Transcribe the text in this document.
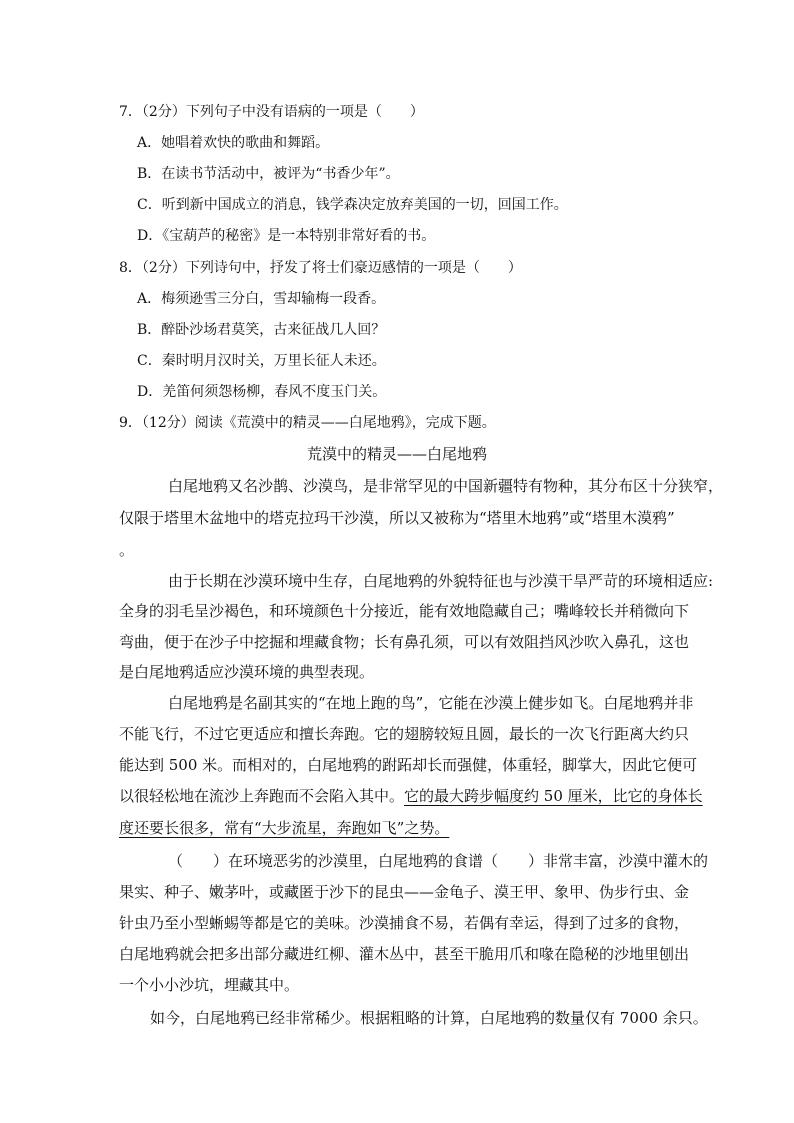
7．（2分）下列句子中没有语病的一项是（　　）
A．她唱着欢快的歌曲和舞蹈。
B．在读书节活动中，被评为“书香少年”。
C．听到新中国成立的消息，钱学森决定放弃美国的一切，回国工作。
D．《宝葫芦的秘密》是一本特别非常好看的书。
8．（2分）下列诗句中，抒发了将士们豪迈感情的一项是（　　）
A．梅须逊雪三分白，雪却输梅一段香。
B．醉卧沙场君莫笑，古来征战几人回？
C．秦时明月汉时关，万里长征人未还。
D．羌笛何须怨杨柳，春风不度玉门关。
9．（12分）阅读《荒漠中的精灵——白尾地鸦》，完成下题。
荒漠中的精灵——白尾地鸦
白尾地鸦又名沙鹊、沙漠鸟，是非常罕见的中国新疆特有物种，其分布区十分狭窄，
仅限于塔里木盆地中的塔克拉玛干沙漠，所以又被称为“塔里木地鸦”或“塔里木漠鸦”
。
由于长期在沙漠环境中生存，白尾地鸦的外貌特征也与沙漠干旱严苛的环境相适应:
全身的羽毛呈沙褐色，和环境颜色十分接近，能有效地隐藏自己；嘴峰较长并稍微向下
弯曲，便于在沙子中挖掘和埋藏食物；长有鼻孔须，可以有效阻挡风沙吹入鼻孔，这也
是白尾地鸦适应沙漠环境的典型表现。
白尾地鸦是名副其实的“在地上跑的鸟”，它能在沙漠上健步如飞。白尾地鸦并非
不能飞行，不过它更适应和擅长奔跑。它的翅膀较短且圆，最长的一次飞行距离大约只
能达到 500 米。而相对的，白尾地鸦的跗跖却长而强健，体重轻，脚掌大，因此它便可
以很轻松地在流沙上奔跑而不会陷入其中。它的最大跨步幅度约 50 厘米，比它的身体长
度还要长很多，常有“大步流星，奔跑如飞”之势。
（　　）在环境恶劣的沙漠里，白尾地鸦的食谱（　　）非常丰富，沙漠中灌木的
果实、种子、嫩茅叶，或藏匿于沙下的昆虫——金龟子、漠王甲、象甲、伪步行虫、金
针虫乃至小型蜥蜴等都是它的美味。沙漠捕食不易，若偶有幸运，得到了过多的食物，
白尾地鸦就会把多出部分藏进红柳、灌木丛中，甚至干脆用爪和喙在隐秘的沙地里刨出
一个小小沙坑，埋藏其中。
如今，白尾地鸦已经非常稀少。根据粗略的计算，白尾地鸦的数量仅有 7000 余只。
